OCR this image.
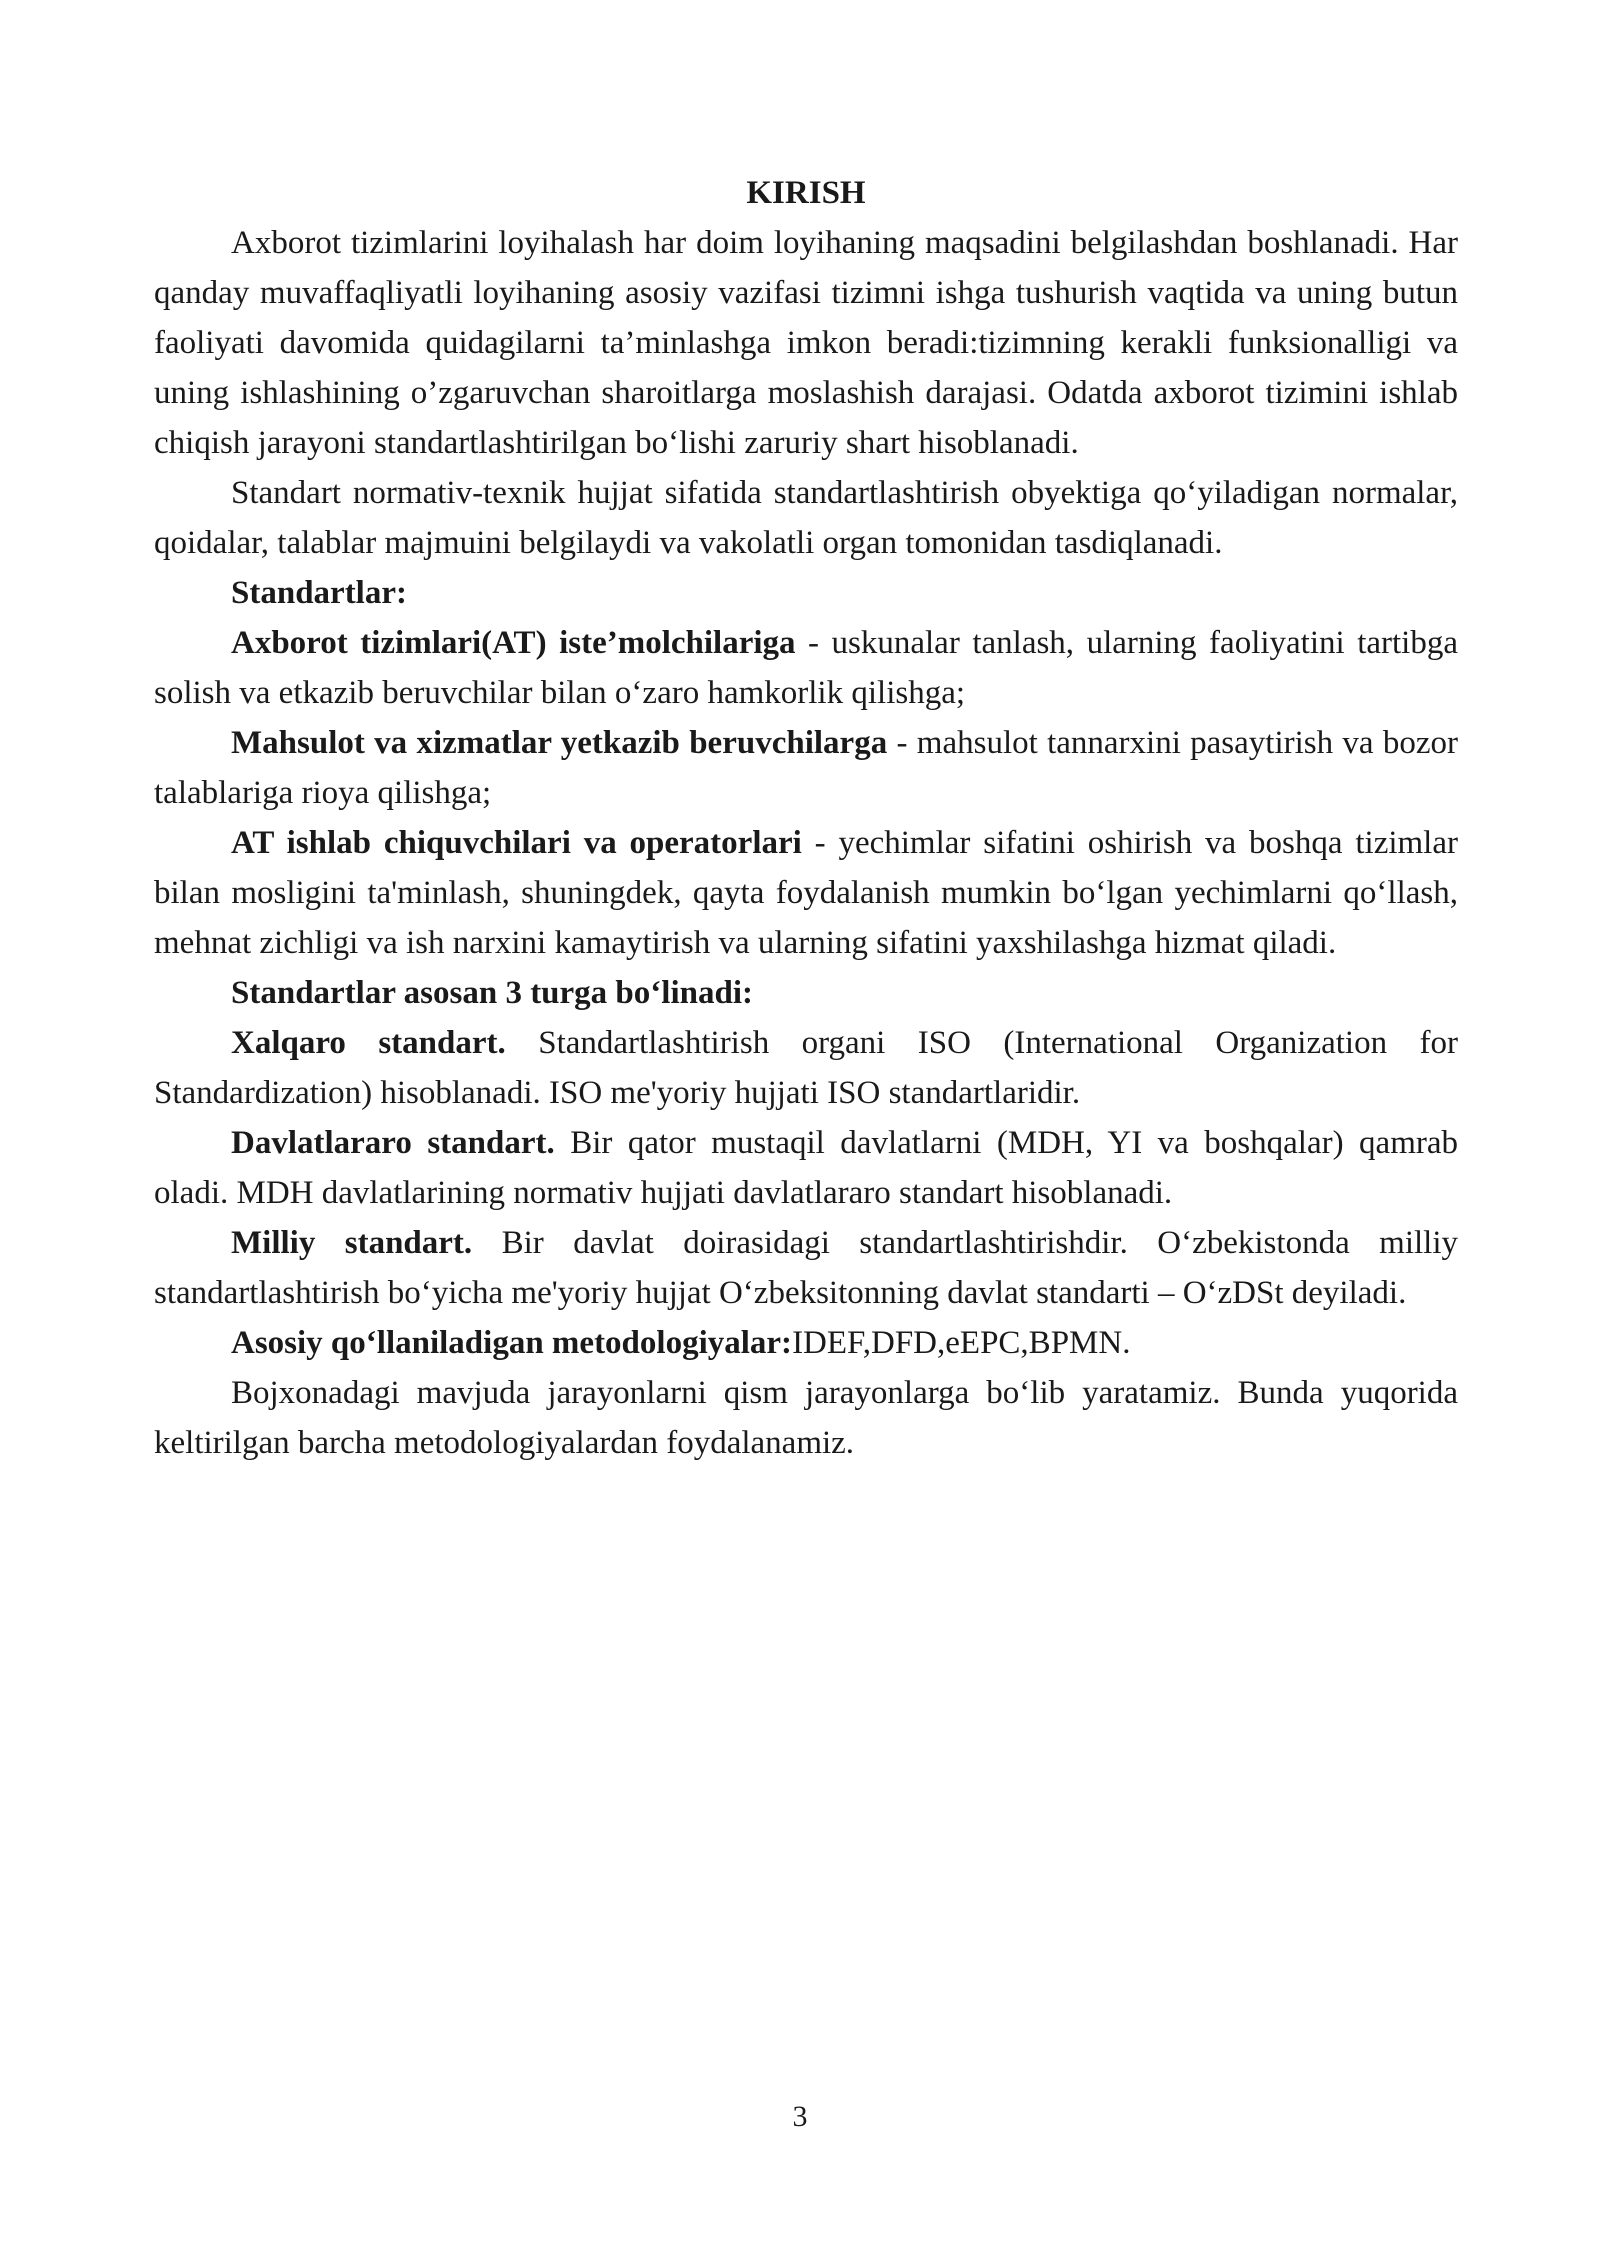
KIRISH

Axborot tizimlarini loyihalash har doim loyihaning maqsadini belgilashdan boshlanadi. Har qanday muvaffaqliyatli loyihaning asosiy vazifasi tizimni ishga tushurish vaqtida va uning butun faoliyati davomida quidagilarni ta’minlashga imkon beradi:tizimning kerakli funksionalligi va uning ishlashining o’zgaruvchan sharoitlarga moslashish darajasi. Odatda axborot tizimini ishlab chiqish jarayoni standartlashtirilgan bo‘lishi zaruriy shart hisoblanadi.

Standart normativ-texnik hujjat sifatida standartlashtirish obyektiga qo‘yiladigan normalar, qoidalar, talablar majmuini belgilaydi va vakolatli organ tomonidan tasdiqlanadi.

Standartlar:

Axborot tizimlari(AT) iste’molchilariga - uskunalar tanlash, ularning faoliyatini tartibga solish va etkazib beruvchilar bilan o‘zaro hamkorlik qilishga;

Mahsulot va xizmatlar yetkazib beruvchilarga - mahsulot tannarxini pasaytirish va bozor talablariga rioya qilishga;

AT ishlab chiquvchilari va operatorlari - yechimlar sifatini oshirish va boshqa tizimlar bilan mosligini ta'minlash, shuningdek, qayta foydalanish mumkin bo‘lgan yechimlarni qo‘llash, mehnat zichligi va ish narxini kamaytirish va ularning sifatini yaxshilashga hizmat qiladi.

Standartlar asosan 3 turga bo‘linadi:

Xalqaro standart. Standartlashtirish organi ISO (International Organization for Standardization) hisoblanadi. ISO me'yoriy hujjati ISO standartlaridir.

Davlatlararo standart. Bir qator mustaqil davlatlarni (MDH, YI va boshqalar) qamrab oladi. MDH davlatlarining normativ hujjati davlatlararo standart hisoblanadi.

Milliy standart. Bir davlat doirasidagi standartlashtirishdir. O‘zbekistonda milliy standartlashtirish bo‘yicha me'yoriy hujjat O‘zbeksitonning davlat standarti – O‘zDSt deyiladi.

Asosiy qo‘llaniladigan metodologiyalar:IDEF,DFD,eEPC,BPMN.

Bojxonadagi mavjuda jarayonlarni qism jarayonlarga bo‘lib yaratamiz. Bunda yuqorida keltirilgan barcha metodologiyalardan foydalanamiz.

3
